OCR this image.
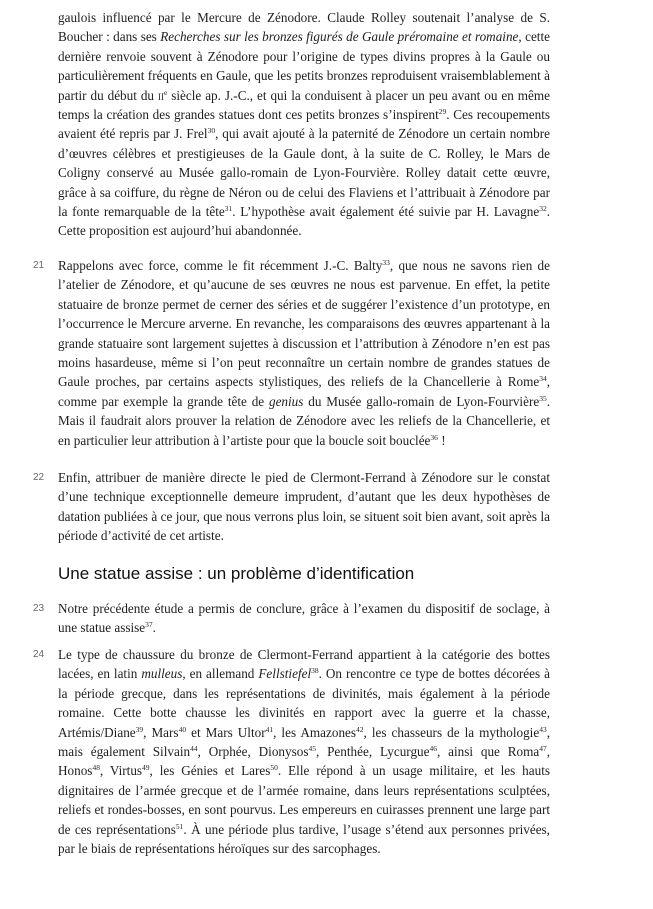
gaulois influencé par le Mercure de Zénodore. Claude Rolley soutenait l’analyse de S. Boucher : dans ses Recherches sur les bronzes figurés de Gaule préromaine et romaine, cette dernière renvoie souvent à Zénodore pour l’origine de types divins propres à la Gaule ou particulièrement fréquents en Gaule, que les petits bronzes reproduisent vraisemblablement à partir du début du $ii^e$ siècle ap. J.-C., et qui la conduisent à placer un peu avant ou en même temps la création des grandes statues dont ces petits bronzes s’inspirent$^{29}$. Ces recoupements avaient été repris par J. Frel$^{30}$, qui avait ajouté à la paternité de Zénodore un certain nombre d’œuvres célèbres et prestigieuses de la Gaule dont, à la suite de C. Rolley, le Mars de Coligny conservé au Musée gallo-romain de Lyon-Fourvière. Rolley datait cette œuvre, grâce à sa coiffure, du règne de Néron ou de celui des Flaviens et l’attribuait à Zénodore par la fonte remarquable de la tête$^{31}$. L’hypothèse avait également été suivie par H. Lavagne$^{32}$. Cette proposition est aujourd’hui abandonnée.

21	Rappelons avec force, comme le fit récemment J.-C. Balty$^{33}$, que nous ne savons rien de l’atelier de Zénodore, et qu’aucune de ses œuvres ne nous est parvenue. En effet, la petite statuaire de bronze permet de cerner des séries et de suggérer l’existence d’un prototype, en l’occurrence le Mercure arverne. En revanche, les comparaisons des œuvres appartenant à la grande statuaire sont largement sujettes à discussion et l’attribution à Zénodore n’en est pas moins hasardeuse, même si l’on peut reconnaître un certain nombre de grandes statues de Gaule proches, par certains aspects stylistiques, des reliefs de la Chancellerie à Rome$^{34}$, comme par exemple la grande tête de genius du Musée gallo-romain de Lyon-Fourvière$^{35}$. Mais il faudrait alors prouver la relation de Zénodore avec les reliefs de la Chancellerie, et en particulier leur attribution à l’artiste pour que la boucle soit bouclée$^{36}$ !

22	Enfin, attribuer de manière directe le pied de Clermont-Ferrand à Zénodore sur le constat d’une technique exceptionnelle demeure imprudent, d’autant que les deux hypothèses de datation publiées à ce jour, que nous verrons plus loin, se situent soit bien avant, soit après la période d’activité de cet artiste.

Une statue assise : un problème d’identification

23	Notre précédente étude a permis de conclure, grâce à l’examen du dispositif de soclage, à une statue assise$^{37}$.

24	Le type de chaussure du bronze de Clermont-Ferrand appartient à la catégorie des bottes lacées, en latin mulleus, en allemand Fellstiefel$^{38}$. On rencontre ce type de bottes décorées à la période grecque, dans les représentations de divinités, mais également à la période romaine. Cette botte chausse les divinités en rapport avec la guerre et la chasse, Artémis/Diane$^{39}$, Mars$^{40}$ et Mars Ultor$^{41}$, les Amazones$^{42}$, les chasseurs de la mythologie$^{43}$, mais également Silvain$^{44}$, Orphée, Dionysos$^{45}$, Penthée, Lycurgue$^{46}$, ainsi que Roma$^{47}$, Honos$^{48}$, Virtus$^{49}$, les Génies et Lares$^{50}$. Elle répond à un usage militaire, et les hauts dignitaires de l’armée grecque et de l’armée romaine, dans leurs représentations sculptées, reliefs et rondes-bosses, en sont pourvus. Les empereurs en cuirasses prennent une large part de ces représentations$^{51}$. À une période plus tardive, l’usage s’étend aux personnes privées, par le biais de représentations héroïques sur des sarcophages.
